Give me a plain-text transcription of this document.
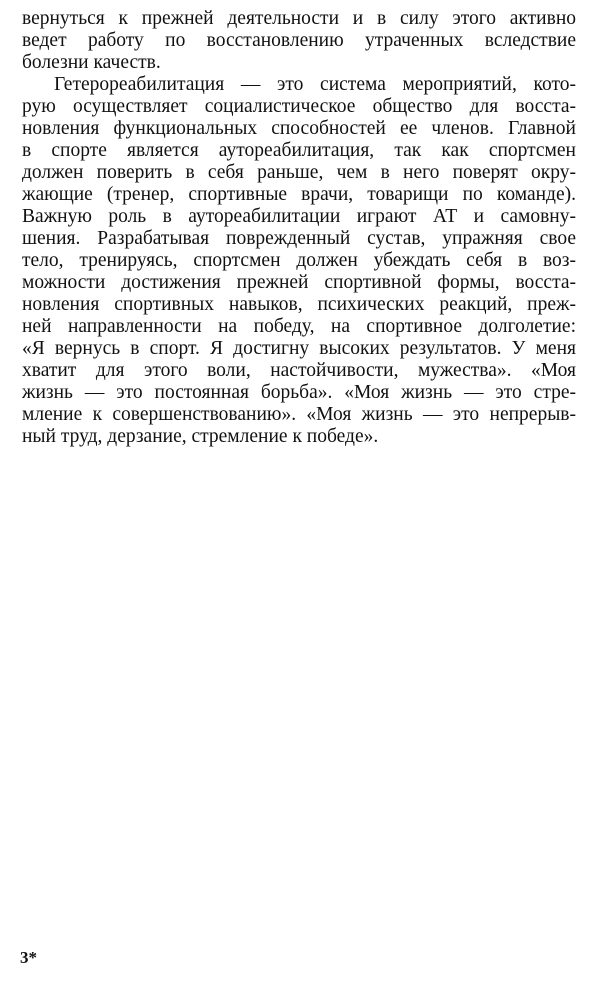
вернуться к прежней деятельности и в силу этого активно
ведет работу по восстановлению утраченных вследствие
болезни качеств.
Гетерореабилитация — это система мероприятий, кото-
рую осуществляет социалистическое общество для восста-
новления функциональных способностей ее членов. Главной
в спорте является аутореабилитация, так как спортсмен
должен поверить в себя раньше, чем в него поверят окру-
жающие (тренер, спортивные врачи, товарищи по команде).
Важную роль в аутореабилитации играют АТ и самовну-
шения. Разрабатывая поврежденный сустав, упражняя свое
тело, тренируясь, спортсмен должен убеждать себя в воз-
можности достижения прежней спортивной формы, восста-
новления спортивных навыков, психических реакций, преж-
ней направленности на победу, на спортивное долголетие:
«Я вернусь в спорт. Я достигну высоких результатов. У меня
хватит для этого воли, настойчивости, мужества». «Моя
жизнь — это постоянная борьба». «Моя жизнь — это стре-
мление к совершенствованию». «Моя жизнь — это непрерыв-
ный труд, дерзание, стремление к победе».
3*
